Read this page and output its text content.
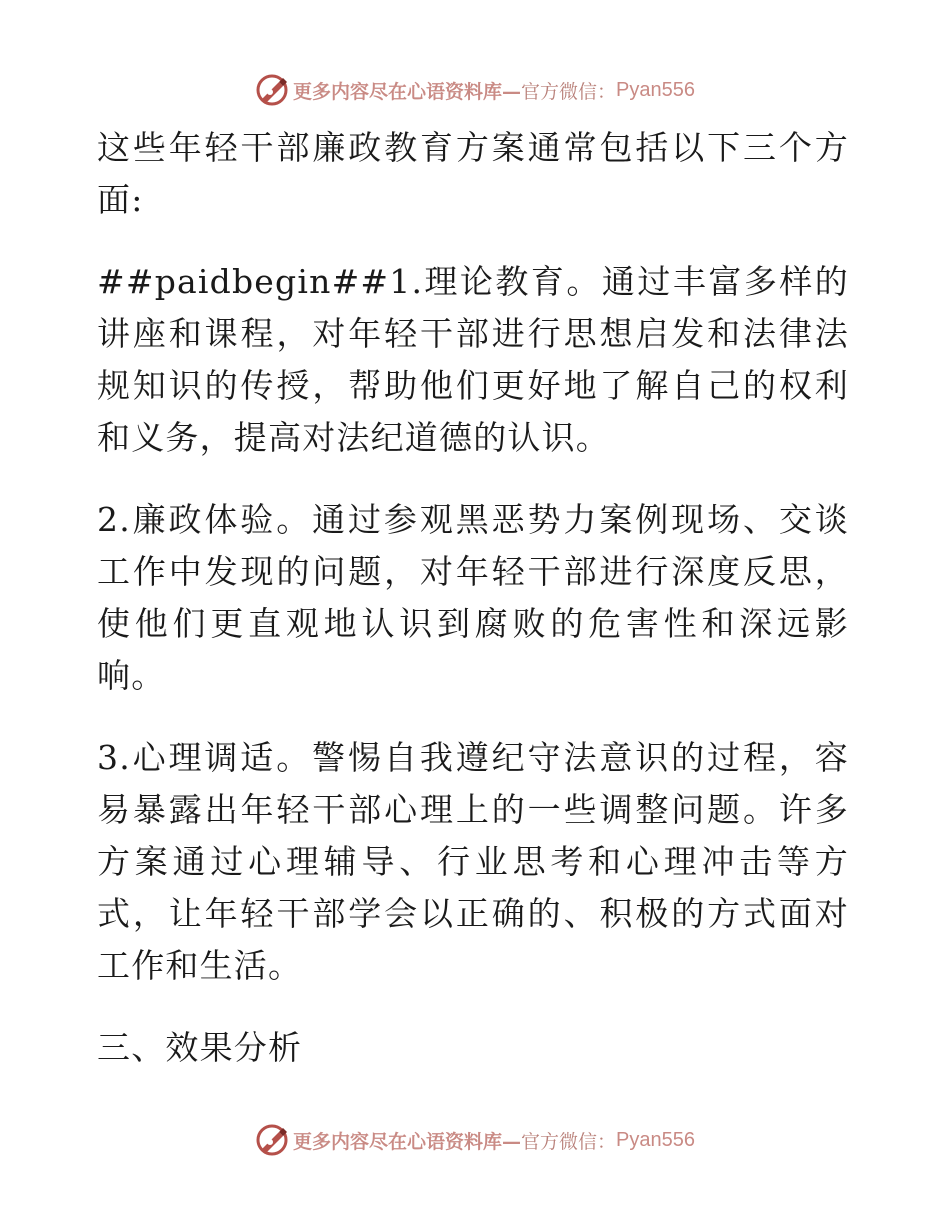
更多内容尽在心语资料库— 官方微信： Pyan556

这些年轻干部廉政教育方案通常包括以下三个方面:

##paidbegin##1.理论教育。通过丰富多样的讲座和课程，对年轻干部进行思想启发和法律法规知识的传授，帮助他们更好地了解自己的权利和义务，提高对法纪道德的认识。

2.廉政体验。通过参观黑恶势力案例现场、交谈工作中发现的问题，对年轻干部进行深度反思，使他们更直观地认识到腐败的危害性和深远影响。

3.心理调适。警惕自我遵纪守法意识的过程，容易暴露出年轻干部心理上的一些调整问题。许多方案通过心理辅导、行业思考和心理冲击等方式，让年轻干部学会以正确的、积极的方式面对工作和生活。

三、效果分析

更多内容尽在心语资料库— 官方微信： Pyan556
